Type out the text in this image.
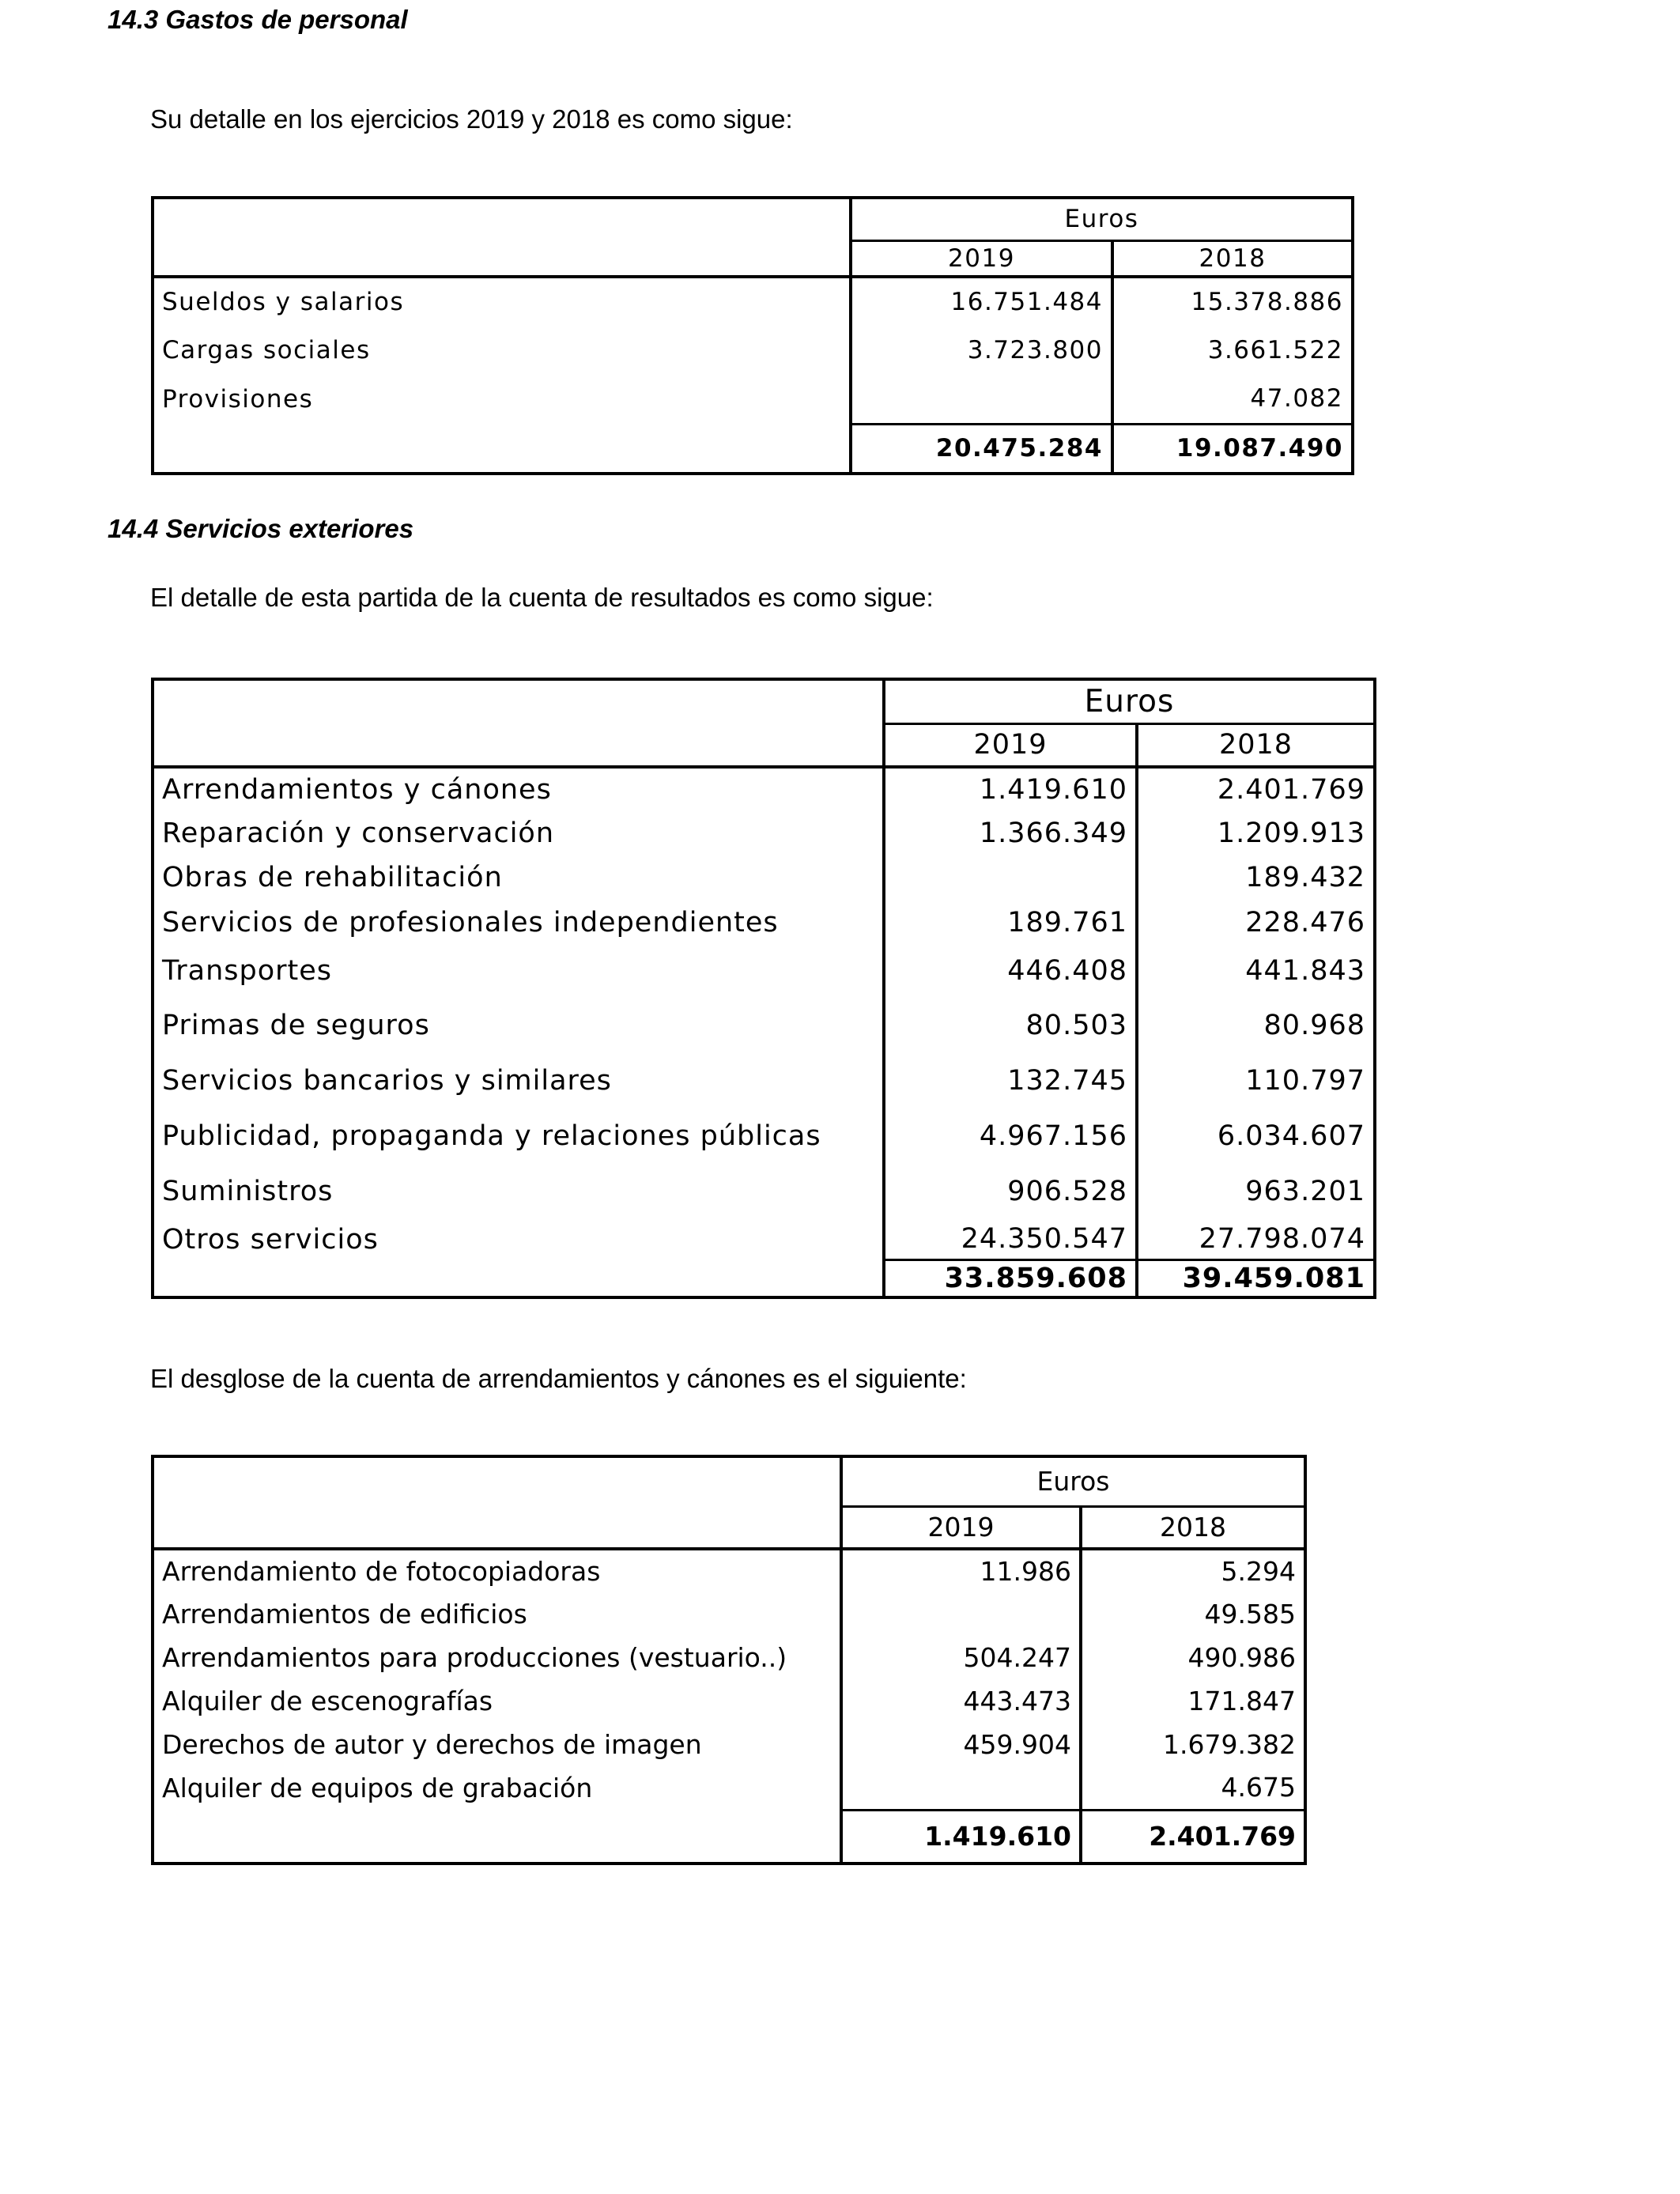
14.3 Gastos de personal

Su detalle en los ejercicios 2019 y 2018 es como sigue:

	Euros	
	2019	2018
Sueldos y salarios	16.751.484	15.378.886
Cargas sociales	3.723.800	3.661.522
Provisiones		47.082
	20.475.284	19.087.490
14.4 Servicios exteriores

El detalle de esta partida de la cuenta de resultados es como sigue:

	Euros	
	2019	2018
Arrendamientos y cánones	1.419.610	2.401.769
Reparación y conservación	1.366.349	1.209.913
Obras de rehabilitación		189.432
Servicios de profesionales independientes	189.761	228.476
Transportes	446.408	441.843
Primas de seguros	80.503	80.968
Servicios bancarios y similares	132.745	110.797
Publicidad, propaganda y relaciones públicas	4.967.156	6.034.607
Suministros	906.528	963.201
Otros servicios	24.350.547	27.798.074
	33.859.608	39.459.081

El desglose de la cuenta de arrendamientos y cánones es el siguiente:

	Euros	
	2019	2018
Arrendamiento de fotocopiadoras	11.986	5.294
Arrendamientos de edificios		49.585
Arrendamientos para producciones (vestuario..)	504.247	490.986
Alquiler de escenografías	443.473	171.847
Derechos de autor y derechos de imagen	459.904	1.679.382
Alquiler de equipos de grabación		4.675
	1.419.610	2.401.769
